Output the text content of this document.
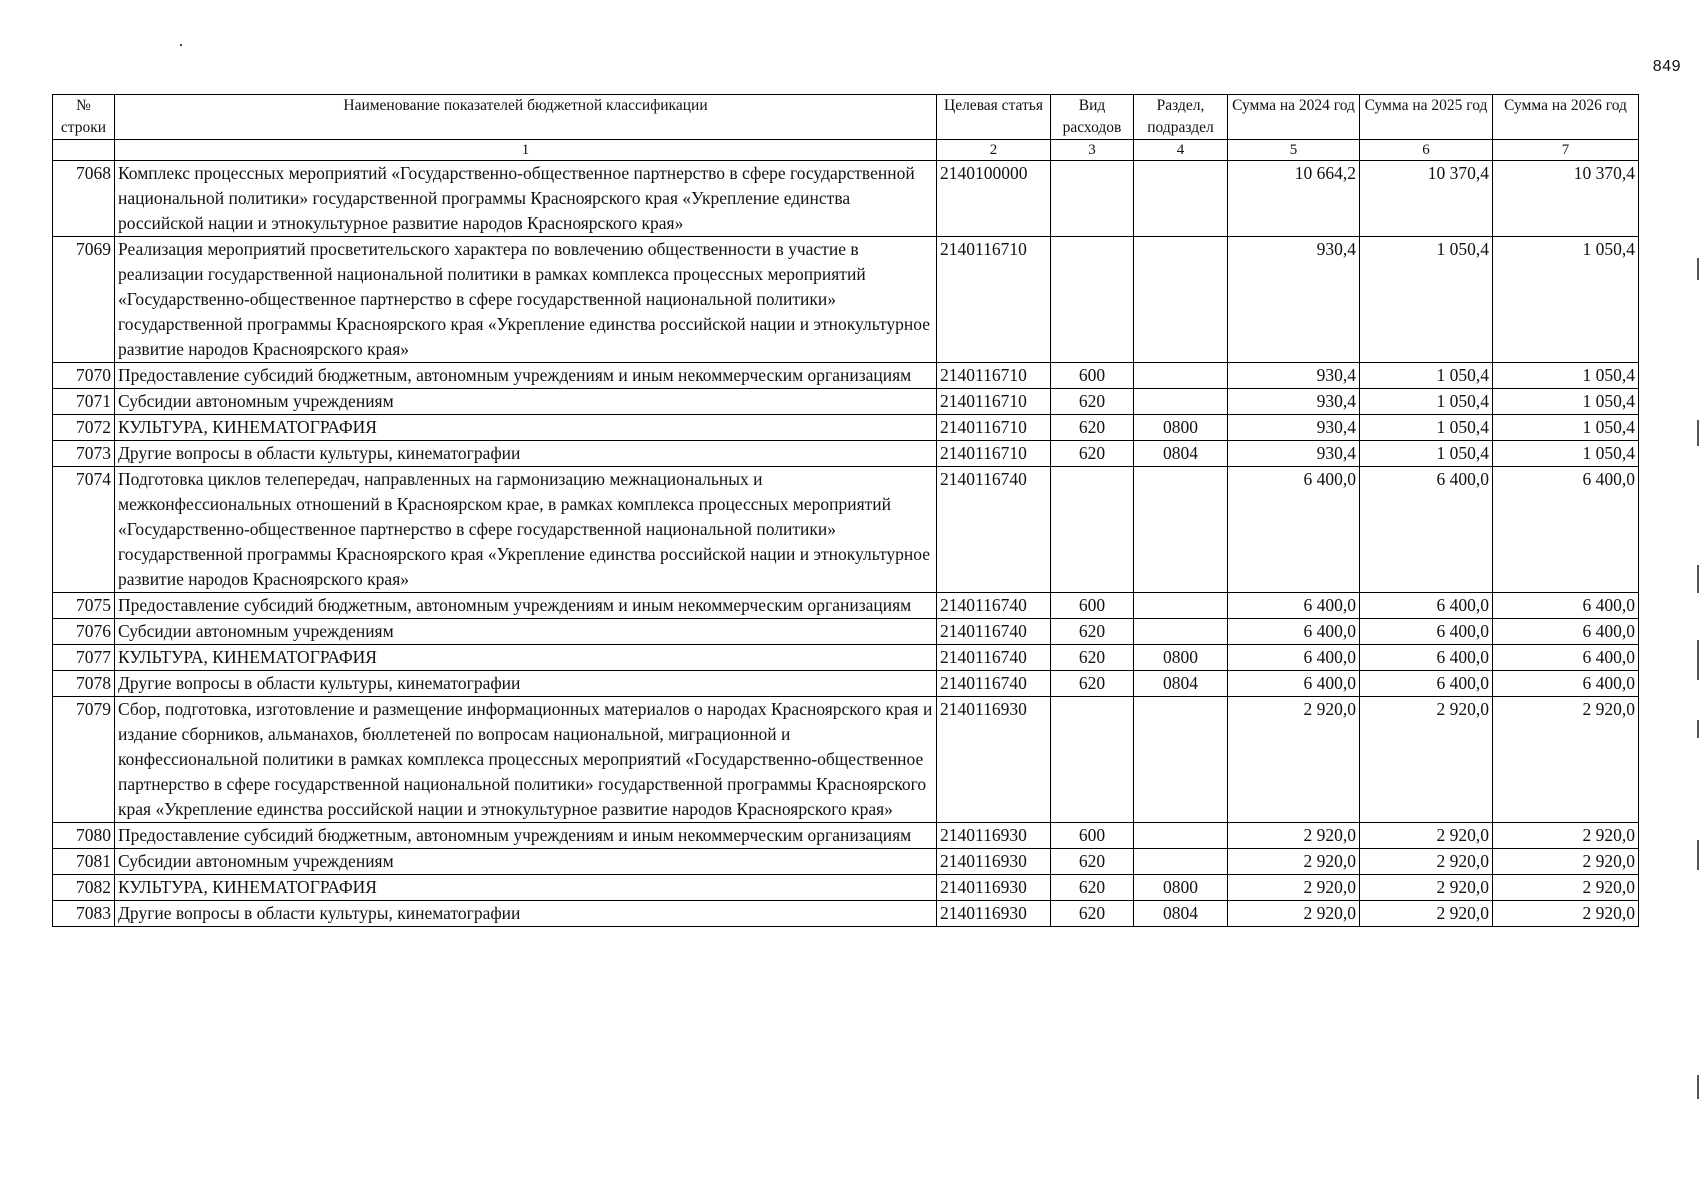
849
№ строки	Наименование показателей бюджетной классификации	Целевая статья	Вид расходов	Раздел, подраздел	Сумма на 2024 год	Сумма на 2025 год	Сумма на 2026 год
	1	2	3	4	5	6	7
7068	Комплекс процессных мероприятий «Государственно-общественное партнерство в сфере государственной национальной политики» государственной программы Красноярского края «Укрепление единства российской нации и этнокультурное развитие народов Красноярского края»	2140100000			10 664,2	10 370,4	10 370,4
7069	Реализация мероприятий просветительского характера по вовлечению общественности в участие в реализации государственной национальной политики в рамках комплекса процессных мероприятий «Государственно-общественное партнерство в сфере государственной национальной политики» государственной программы Красноярского края «Укрепление единства российской нации и этнокультурное развитие народов Красноярского края»	2140116710			930,4	1 050,4	1 050,4
7070	Предоставление субсидий бюджетным, автономным учреждениям и иным некоммерческим организациям	2140116710	600		930,4	1 050,4	1 050,4
7071	Субсидии автономным учреждениям	2140116710	620		930,4	1 050,4	1 050,4
7072	КУЛЬТУРА, КИНЕМАТОГРАФИЯ	2140116710	620	0800	930,4	1 050,4	1 050,4
7073	Другие вопросы в области культуры, кинематографии	2140116710	620	0804	930,4	1 050,4	1 050,4
7074	Подготовка циклов телепередач, направленных на гармонизацию межнациональных и межконфессиональных отношений в Красноярском крае, в рамках комплекса процессных мероприятий «Государственно-общественное партнерство в сфере государственной национальной политики» государственной программы Красноярского края «Укрепление единства российской нации и этнокультурное развитие народов Красноярского края»	2140116740			6 400,0	6 400,0	6 400,0
7075	Предоставление субсидий бюджетным, автономным учреждениям и иным некоммерческим организациям	2140116740	600		6 400,0	6 400,0	6 400,0
7076	Субсидии автономным учреждениям	2140116740	620		6 400,0	6 400,0	6 400,0
7077	КУЛЬТУРА, КИНЕМАТОГРАФИЯ	2140116740	620	0800	6 400,0	6 400,0	6 400,0
7078	Другие вопросы в области культуры, кинематографии	2140116740	620	0804	6 400,0	6 400,0	6 400,0
7079	Сбор, подготовка, изготовление и размещение информационных материалов о народах Красноярского края и издание сборников, альманахов, бюллетеней по вопросам национальной, миграционной и конфессиональной политики в рамках комплекса процессных мероприятий «Государственно-общественное партнерство в сфере государственной национальной политики» государственной программы Красноярского края «Укрепление единства российской нации и этнокультурное развитие народов Красноярского края»	2140116930			2 920,0	2 920,0	2 920,0
7080	Предоставление субсидий бюджетным, автономным учреждениям и иным некоммерческим организациям	2140116930	600		2 920,0	2 920,0	2 920,0
7081	Субсидии автономным учреждениям	2140116930	620		2 920,0	2 920,0	2 920,0
7082	КУЛЬТУРА, КИНЕМАТОГРАФИЯ	2140116930	620	0800	2 920,0	2 920,0	2 920,0
7083	Другие вопросы в области культуры, кинематографии	2140116930	620	0804	2 920,0	2 920,0	2 920,0
